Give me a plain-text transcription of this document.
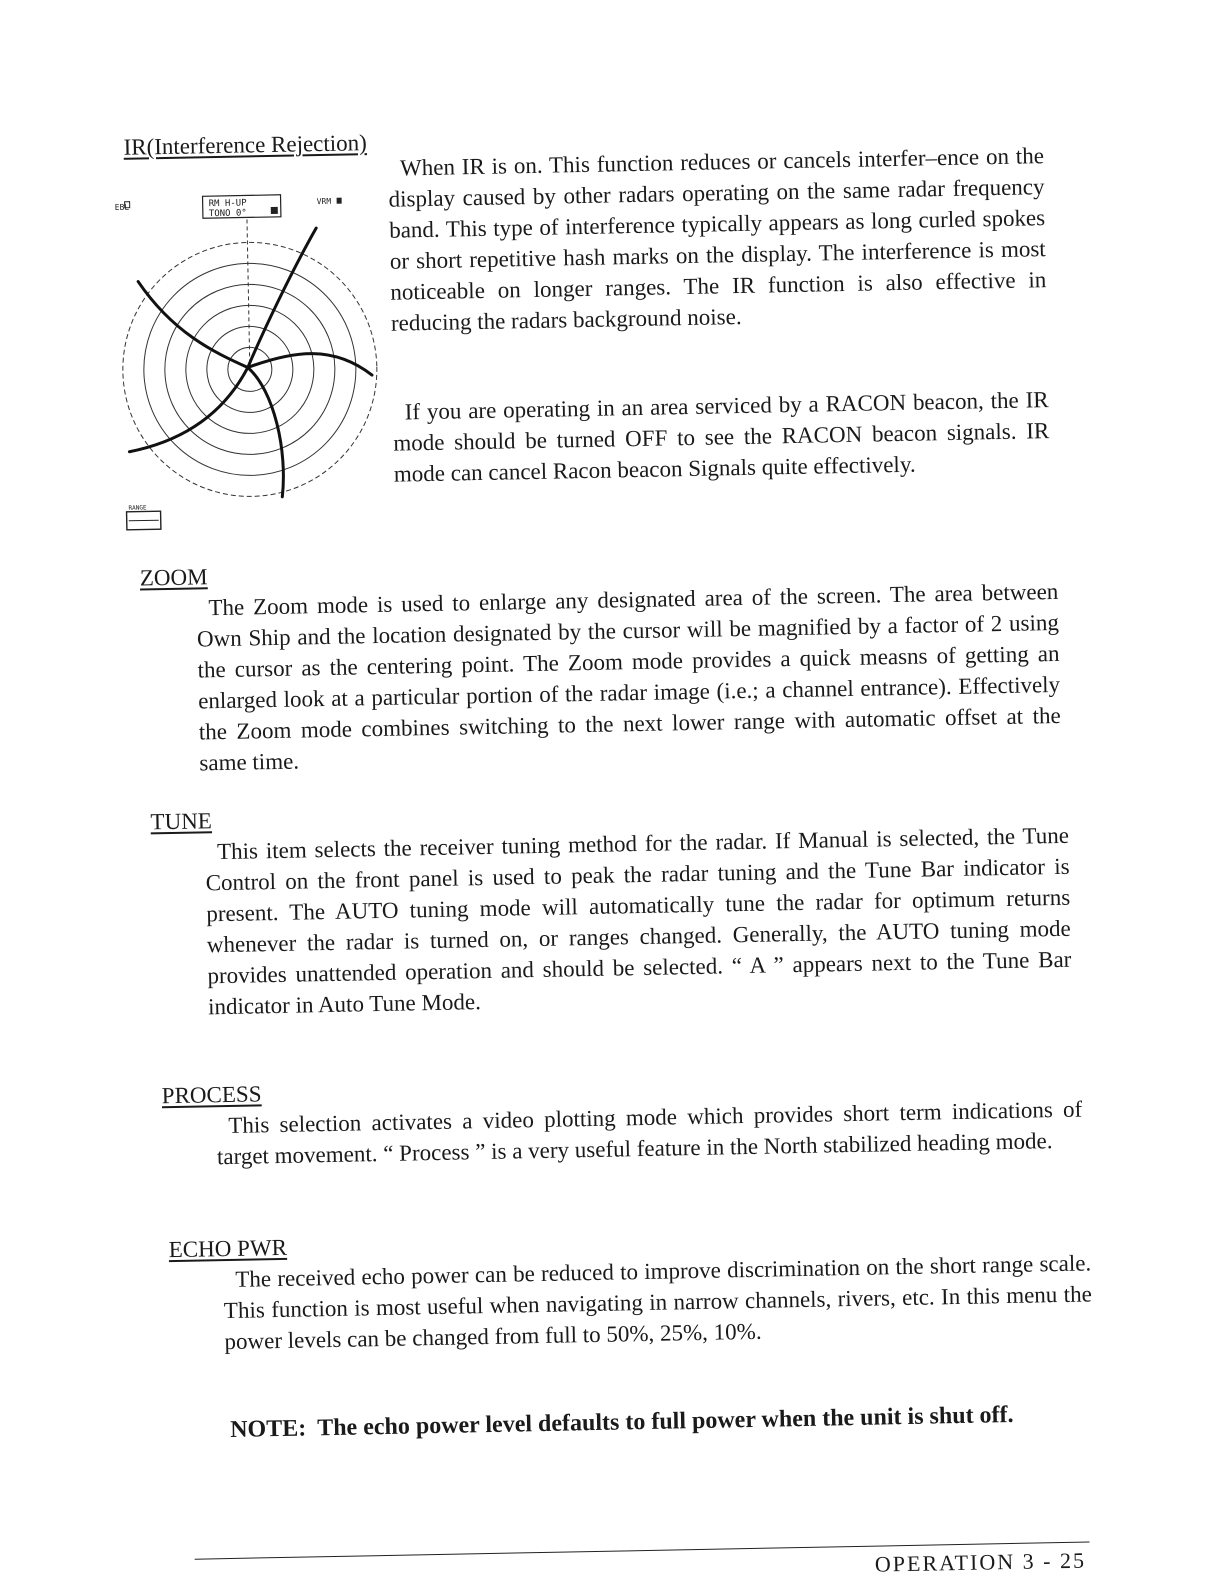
IR(Interference Rejection)	When IR is on. This function reduces or cancels interfer–ence on the display caused by other radars operating on the same radar frequency band. This type of interference typically appears as long curled spokes or short repetitive hash marks on the display. The interference is most noticeable on longer ranges. The IR function is also effective in reducing the radars background noise.
If you are operating in an area serviced by a RACON beacon, the IR mode should be turned OFF to see the RACON beacon signals. IR mode can cancel Racon beacon Signals quite effectively.
EBL	RM H-UP
TONO 0°
VRM
RANGE
ZOOM
The Zoom mode is used to enlarge any designated area of the screen. The area between Own Ship and the location designated by the cursor will be magnified by a factor of 2 using the cursor as the centering point. The Zoom mode provides a quick measns of getting an enlarged look at a particular portion of the radar image (i.e.; a channel entrance). Effectively the Zoom mode combines switching to the next lower range with automatic offset at the same time.
TUNE
This item selects the receiver tuning method for the radar. If Manual is selected, the Tune Control on the front panel is used to peak the radar tuning and the Tune Bar indicator is present. The AUTO tuning mode will automatically tune the radar for optimum returns whenever the radar is turned on, or ranges changed. Generally, the AUTO tuning mode provides unattended operation and should be selected. “ A ” appears next to the Tune Bar indicator in Auto Tune Mode.
PROCESS
This selection activates a video plotting mode which provides short term indications of target movement. “ Process ” is a very useful feature in the North stabilized heading mode.
ECHO PWR
The received echo power can be reduced to improve discrimination on the short range scale. This function is most useful when navigating in narrow channels, rivers, etc. In this menu the power levels can be changed from full to 50%, 25%, 10%.
NOTE: The echo power level defaults to full power when the unit is shut off.
OPERATION 3 - 25
